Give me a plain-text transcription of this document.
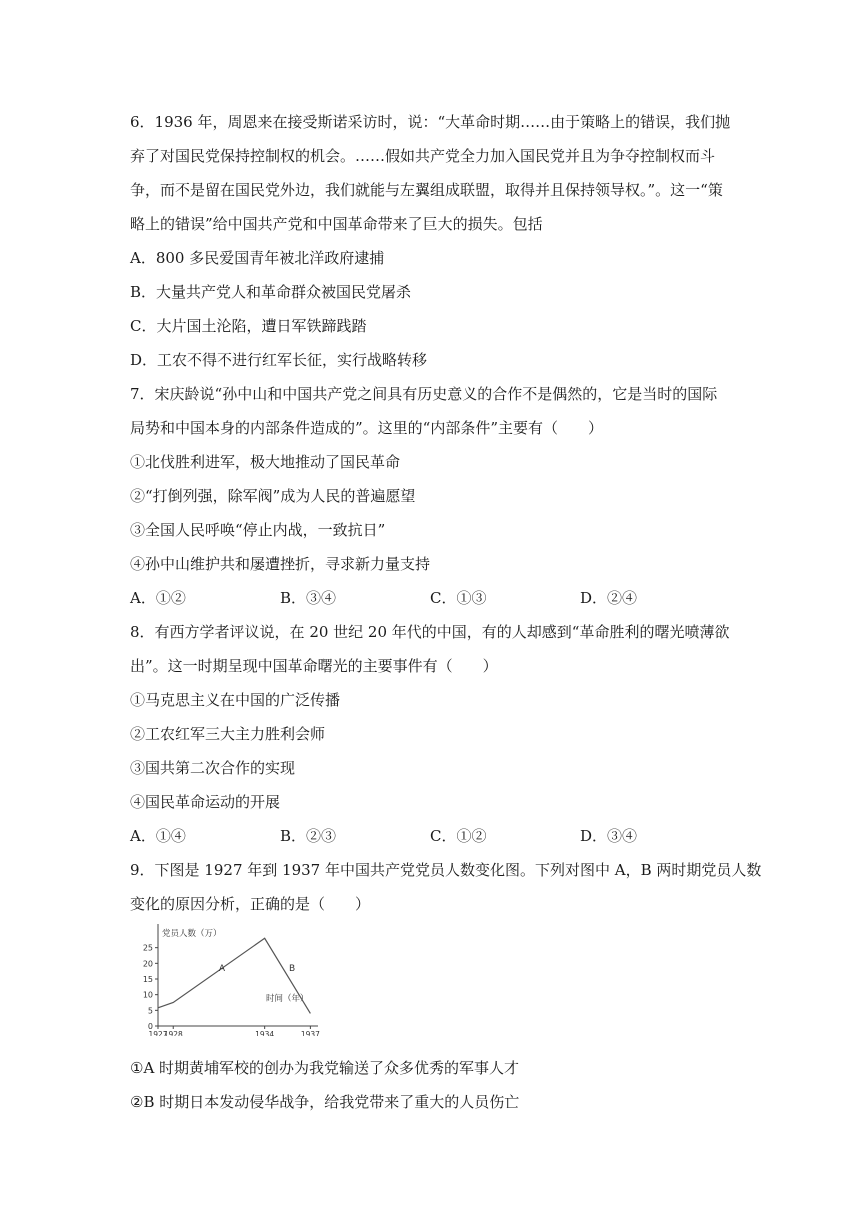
6．1936 年，周恩来在接受斯诺采访时，说：“大革命时期……由于策略上的错误，我们抛
弃了对国民党保持控制权的机会。……假如共产党全力加入国民党并且为争夺控制权而斗
争，而不是留在国民党外边，我们就能与左翼组成联盟，取得并且保持领导权。”。这一“策
略上的错误”给中国共产党和中国革命带来了巨大的损失。包括
A．800 多民爱国青年被北洋政府逮捕
B．大量共产党人和革命群众被国民党屠杀
C．大片国土沦陷，遭日军铁蹄践踏
D．工农不得不进行红军长征，实行战略转移
7．宋庆龄说“孙中山和中国共产党之间具有历史意义的合作不是偶然的，它是当时的国际
局势和中国本身的内部条件造成的”。这里的“内部条件”主要有（　　）
①北伐胜利进军，极大地推动了国民革命
②“打倒列强，除军阀”成为人民的普遍愿望
③全国人民呼唤“停止内战，一致抗日”
④孙中山维护共和屡遭挫折，寻求新力量支持
A．①②	B．③④	C．①③	D．②④
8．有西方学者评议说，在 20 世纪 20 年代的中国，有的人却感到“革命胜利的曙光喷薄欲
出”。这一时期呈现中国革命曙光的主要事件有（　　）
①马克思主义在中国的广泛传播
②工农红军三大主力胜利会师
③国共第二次合作的实现
④国民革命运动的开展
A．①④	B．②③	C．①②	D．③④
9．下图是 1927 年到 1937 年中国共产党党员人数变化图。下列对图中 A，B 两时期党员人数
变化的原因分析，正确的是（　　）
0
5
10
15
20
25
1927
1928	1934	1937
党员人数（万）
时间（年）
A	B
①A 时期黄埔军校的创办为我党输送了众多优秀的军事人才
②B 时期日本发动侵华战争，给我党带来了重大的人员伤亡
